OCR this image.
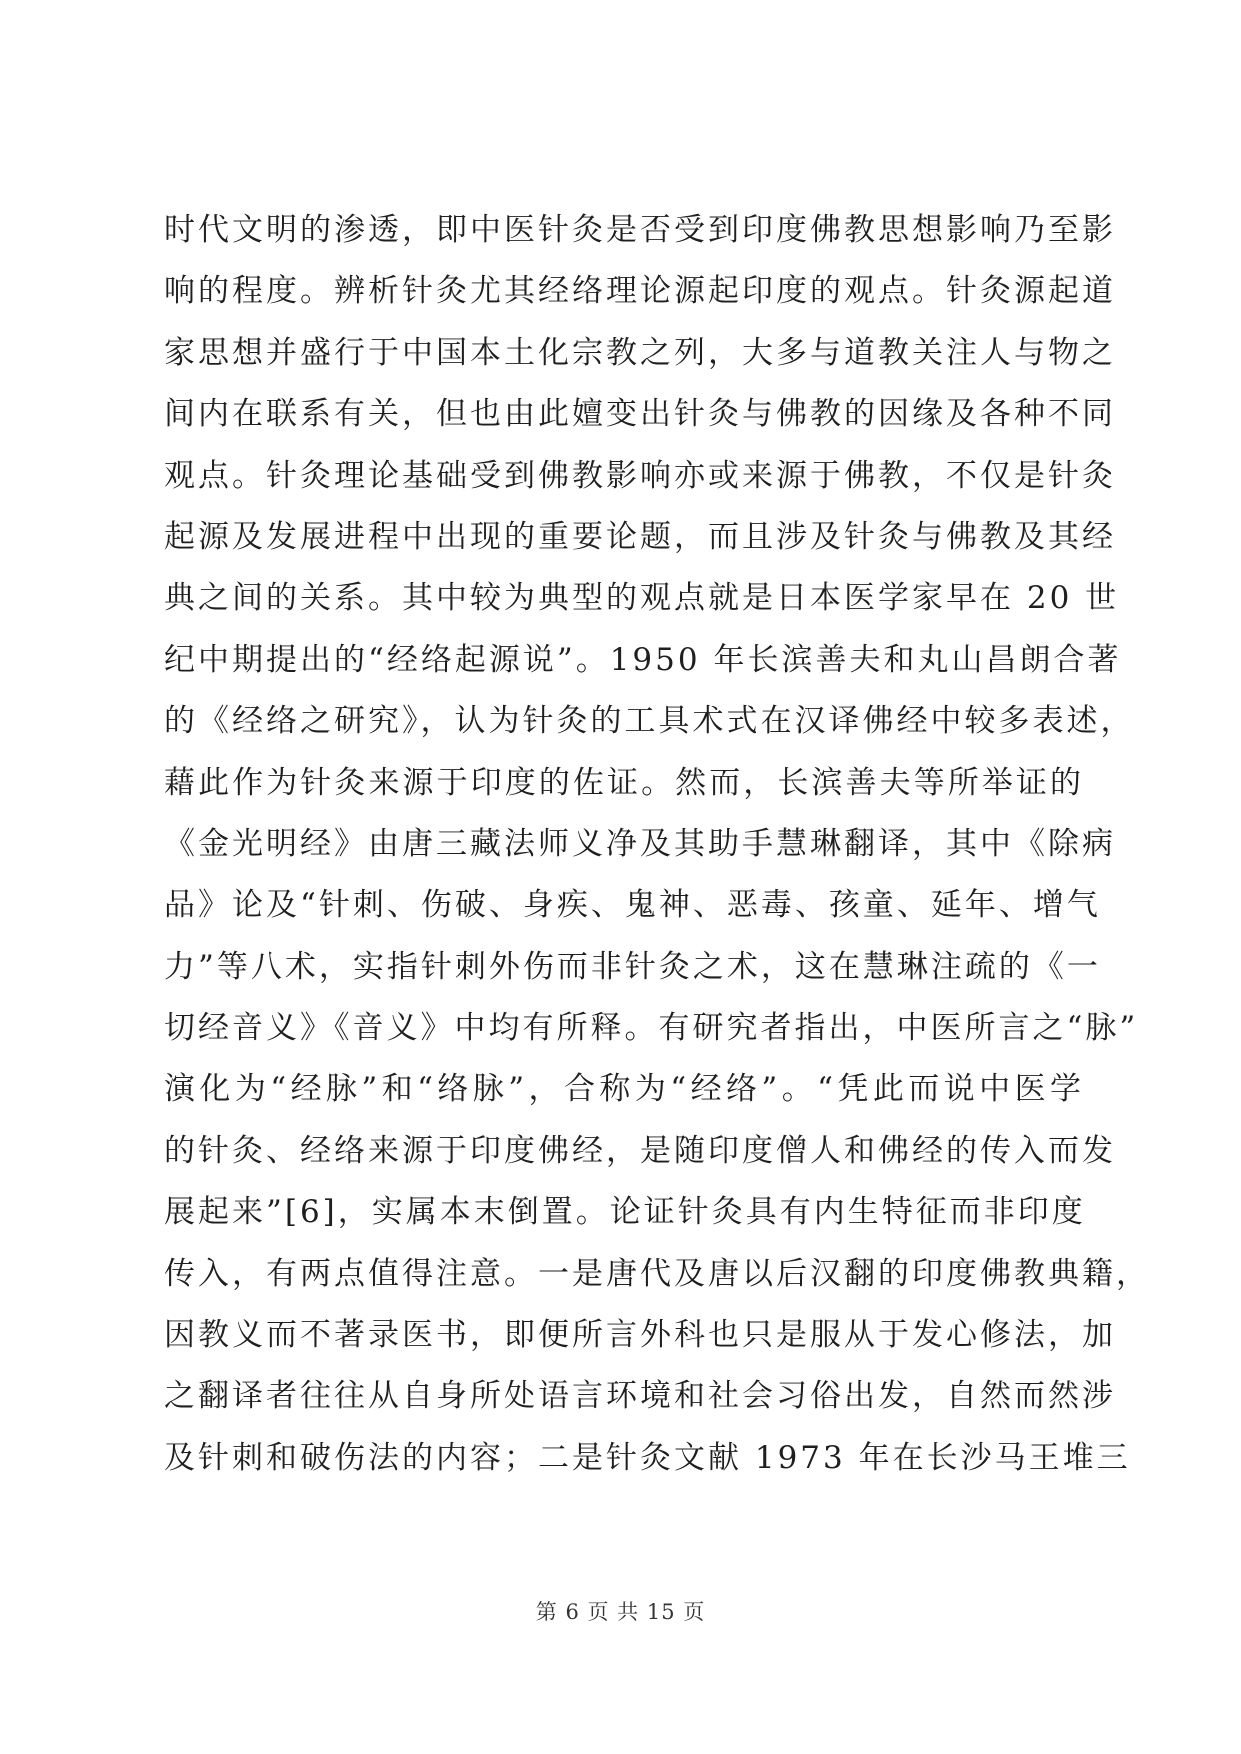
时代文明的渗透，即中医针灸是否受到印度佛教思想影响乃至影
响的程度。辨析针灸尤其经络理论源起印度的观点。针灸源起道
家思想并盛行于中国本土化宗教之列，大多与道教关注人与物之
间内在联系有关，但也由此嬗变出针灸与佛教的因缘及各种不同
观点。针灸理论基础受到佛教影响亦或来源于佛教，不仅是针灸
起源及发展进程中出现的重要论题，而且涉及针灸与佛教及其经
典之间的关系。其中较为典型的观点就是日本医学家早在 20 世
纪中期提出的“经络起源说”。1950 年长滨善夫和丸山昌朗合著
的《经络之研究》，认为针灸的工具术式在汉译佛经中较多表述，
藉此作为针灸来源于印度的佐证。然而，长滨善夫等所举证的
《金光明经》由唐三藏法师义净及其助手慧琳翻译，其中《除病
品》论及“针刺、伤破、身疾、鬼神、恶毒、孩童、延年、增气
力”等八术，实指针刺外伤而非针灸之术，这在慧琳注疏的《一
切经音义》《音义》中均有所释。有研究者指出，中医所言之“脉”
演化为“经脉”和“络脉”，合称为“经络”。“凭此而说中医学
的针灸、经络来源于印度佛经，是随印度僧人和佛经的传入而发
展起来”[6]，实属本末倒置。论证针灸具有内生特征而非印度
传入，有两点值得注意。一是唐代及唐以后汉翻的印度佛教典籍，
因教义而不著录医书，即便所言外科也只是服从于发心修法，加
之翻译者往往从自身所处语言环境和社会习俗出发，自然而然涉
及针刺和破伤法的内容；二是针灸文献 1973 年在长沙马王堆三
第 6 页 共 15 页
